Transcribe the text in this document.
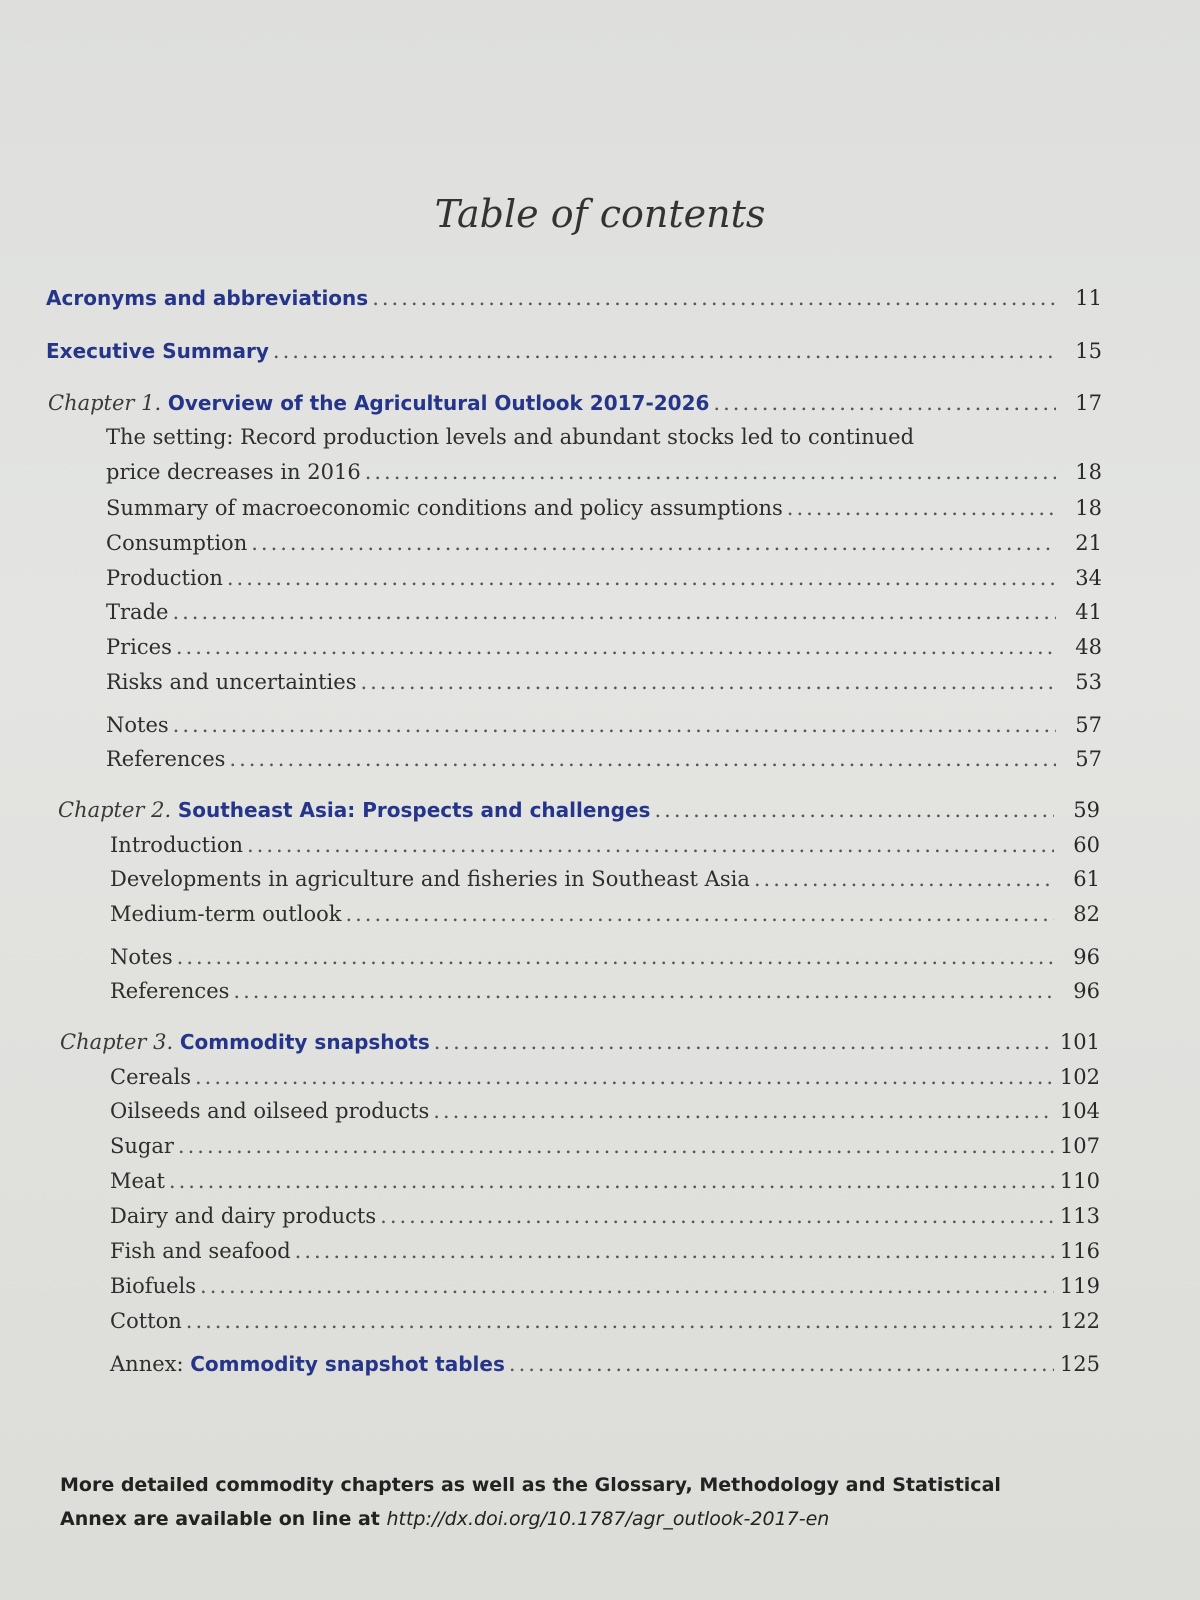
Table of contents
Acronyms and abbreviations .....	11
Executive Summary .....	15
Chapter 1. Overview of the Agricultural Outlook 2017-2026 .....	17
The setting: Record production levels and abundant stocks led to continued
price decreases in 2016 .....	18
Summary of macroeconomic conditions and policy assumptions .....	18
Consumption .....	21
Production .....	34
Trade .....	41
Prices .....	48
Risks and uncertainties .....	53
Notes .....	57
References .....	57
Chapter 2. Southeast Asia: Prospects and challenges .....	59
Introduction .....	60
Developments in agriculture and fisheries in Southeast Asia .....	61
Medium-term outlook .....	82
Notes .....	96
References .....	96
Chapter 3. Commodity snapshots .....	101
Cereals .....	102
Oilseeds and oilseed products .....	104
Sugar .....	107
Meat .....	110
Dairy and dairy products .....	113
Fish and seafood .....	116
Biofuels .....	119
Cotton .....	122
Annex: Commodity snapshot tables .....	125
More detailed commodity chapters as well as the Glossary, Methodology and Statistical
Annex are available on line at http://dx.doi.org/10.1787/agr_outlook-2017-en
